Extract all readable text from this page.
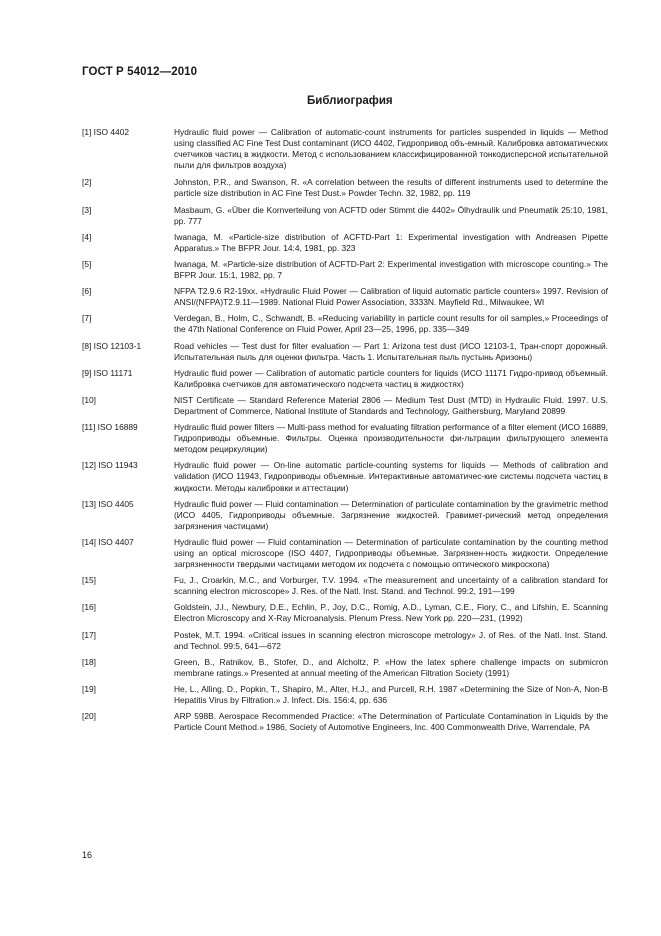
ГОСТ Р 54012—2010
Библиография
[1] ISO 4402	Hydraulic fluid power — Calibration of automatic-count instruments for particles suspended in liquids — Method using classified AC Fine Test Dust contaminant (ИСО 4402, Гидропривод объ-емный. Калибровка автоматических счетчиков частиц в жидкости. Метод с использованием классифицированной тонкодисперсной испытательной пыли для фильтров воздуха)
[2]	Johnston, P.R., and Swanson, R. «A correlation between the results of different instruments used to determine the particle size distribution in AC Fine Test Dust.» Powder Techn. 32, 1982, pp. 119
[3]	Masbaum, G. «Über die Kornverteilung von ACFTD oder Stimmt die 4402» Ölhydraulik und Pneumatik 25:10, 1981, pp. 777
[4]	Iwanaga, M. «Particle-size distribution of ACFTD-Part 1: Experimental investigation with Andreasen Pipette Apparatus.» The BFPR Jour. 14:4, 1981, pp. 323
[5]	Iwanaga, M. «Particle-size distribution of ACFTD-Part 2: Experimental investigation with microscope counting.» The BFPR Jour. 15:1, 1982, pp. 7
[6]	NFPA T2.9.6 R2-19xx. «Hydraulic Fluid Power — Calibration of liquid automatic particle counters» 1997. Revision of ANSI/(NFPA)T2.9.11—1989. National Fluid Power Association, 3333N. Mayfield Rd., Milwaukee, WI
[7]	Verdegan, B., Holm, C., Schwandt, B. «Reducing variability in particle count results for oil samples,» Proceedings of the 47th National Conference on Fluid Power, April 23—25, 1996, pp. 335—349
[8] ISO 12103-1	Road vehicles — Test dust for filter evaluation — Part 1: Arizona test dust (ИСО 12103-1, Тран-спорт дорожный. Испытательная пыль для оценки фильтра. Часть 1. Испытательная пыль пустынь Аризоны)
[9] ISO 11171	Hydraulic fluid power — Calibration of automatic particle counters for liquids (ИСО 11171 Гидро-привод объемный. Калибровка счетчиков для автоматического подсчета частиц в жидкостях)
[10]	NIST Certificate — Standard Reference Material 2806 — Medium Test Dust (MTD) in Hydraulic Fluid. 1997. U.S. Department of Commerce, National Institute of Standards and Technology, Gaithersburg, Maryland 20899
[11] ISO 16889	Hydraulic fluid power filters — Multi-pass method for evaluating filtration performance of a filter element (ИСО 16889, Гидроприводы объемные. Фильтры. Оценка производительности фи-льтрации фильтрующего элемента методом рециркуляции)
[12] ISO 11943	Hydraulic fluid power — On-line automatic particle-counting systems for liquids — Methods of calibration and validation (ИСО 11943, Гидроприводы объемные. Интерактивные автоматичес-кие системы подсчета частиц в жидкости. Методы калибровки и аттестации)
[13] ISO 4405	Hydraulic fluid power — Fluid contamination — Determination of particulate contamination by the gravimetric method (ИСО 4405, Гидроприводы объемные. Загрязнение жидкостей. Гравимет-рический метод определения загрязнения частицами)
[14] ISO 4407	Hydraulic fluid power — Fluid contamination — Determination of particulate contamination by the counting method using an optical microscope (ISO 4407, Гидроприводы объемные. Загрязнен-ность жидкости. Определение загрязненности твердыми частицами методом их подсчета с помощью оптического микроскопа)
[15]	Fu, J., Croarkin, M.C., and Vorburger, T.V. 1994. «The measurement and uncertainty of a calibration standard for scanning electron microscope» J. Res. of the Natl. Inst. Stand. and Technol. 99:2, 191—199
[16]	Goldstein, J.I., Newbury, D.E., Echlin, P., Joy, D.C., Romig, A.D., Lyman, C.E., Fiory, C., and Lifshin, E. Scanning Electron Microscopy and X-Ray Microanalysis. Plenum Press. New York pp. 220—231, (1992)
[17]	Postek, M.T. 1994. «Critical issues in scanning electron microscope metrology» J. of Res. of the Natl. Inst. Stand. and Technol. 99:5, 641—672
[18]	Green, B., Ratnikov, B., Stofer, D., and Alcholtz, P. «How the latex sphere challenge impacts on submicron membrane ratings.» Presented at annual meeting of the American Filtration Society (1991)
[19]	He, L., Alling, D., Popkin, T., Shapiro, M., Alter, H.J., and Purcell, R.H. 1987 «Determining the Size of Non-A, Non-B Hepatitis Virus by Filtration.» J. Infect. Dis. 156:4, pp. 636
[20]	ARP 598B. Aerospace Recommended Practice: «The Determination of Particulate Contamination in Liquids by the Particle Count Method.» 1986, Society of Automotive Engineers, Inc. 400 Commonwealth Drive, Warrendale, PA
16
